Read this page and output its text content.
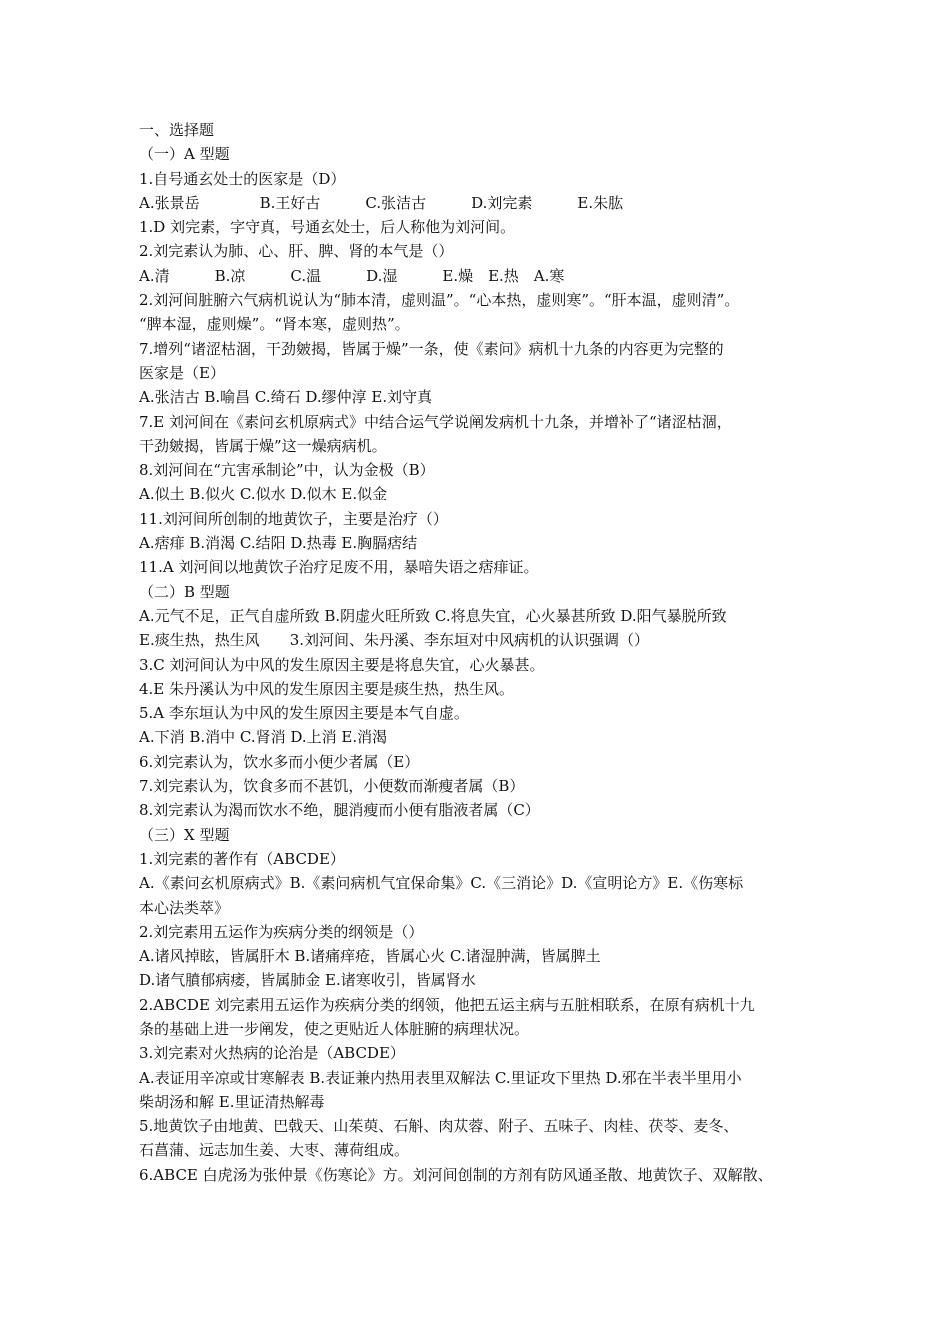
一、选择题
（一）A 型题
1.自号通玄处士的医家是（D）
A.张景岳　　　　B.王好古　　　C.张洁古　　　D.刘完素　　　E.朱肱
1.D 刘完素，字守真，号通玄处士，后人称他为刘河间。
2.刘完素认为肺、心、肝、脾、肾的本气是（）
A.清　　　B.凉　　　C.温　　　D.湿　　　E.燥　E.热　A.寒
2.刘河间脏腑六气病机说认为“肺本清，虚则温”。“心本热，虚则寒”。“肝本温，虚则清”。
“脾本湿，虚则燥”。“肾本寒，虚则热”。
7.增列“诸涩枯涸，干劲皴揭，皆属于燥”一条，使《素问》病机十九条的内容更为完整的
医家是（E）
A.张洁古 B.喻昌 C.绮石 D.缪仲淳 E.刘守真
7.E 刘河间在《素问玄机原病式》中结合运气学说阐发病机十九条，并增补了“诸涩枯涸，
干劲皴揭，皆属于燥”这一燥病病机。
8.刘河间在“亢害承制论”中，认为金极（B）
A.似土 B.似火 C.似水 D.似木 E.似金
11.刘河间所创制的地黄饮子，主要是治疗（）
A.痞痱 B.消渴 C.结阳 D.热毒 E.胸膈痞结
11.A 刘河间以地黄饮子治疗足废不用，暴喑失语之痞痱证。
（二）B 型题
A.元气不足，正气自虚所致 B.阴虚火旺所致 C.将息失宜，心火暴甚所致 D.阳气暴脱所致
E.痰生热，热生风　　3.刘河间、朱丹溪、李东垣对中风病机的认识强调（）
3.C 刘河间认为中风的发生原因主要是将息失宜，心火暴甚。
4.E 朱丹溪认为中风的发生原因主要是痰生热，热生风。
5.A 李东垣认为中风的发生原因主要是本气自虚。
A.下消 B.消中 C.肾消 D.上消 E.消渴
6.刘完素认为，饮水多而小便少者属（E）
7.刘完素认为，饮食多而不甚饥，小便数而渐瘦者属（B）
8.刘完素认为渴而饮水不绝，腿消瘦而小便有脂液者属（C）
（三）X 型题
1.刘完素的著作有（ABCDE）
A.《素问玄机原病式》B.《素问病机气宜保命集》C.《三消论》D.《宣明论方》E.《伤寒标
本心法类萃》
2.刘完素用五运作为疾病分类的纲领是（）
A.诸风掉眩，皆属肝木 B.诸痛痒疮，皆属心火 C.诸湿肿满，皆属脾土
D.诸气膹郁病痿，皆属肺金 E.诸寒收引，皆属肾水
2.ABCDE 刘完素用五运作为疾病分类的纲领，他把五运主病与五脏相联系，在原有病机十九
条的基础上进一步阐发，使之更贴近人体脏腑的病理状况。
3.刘完素对火热病的论治是（ABCDE）
A.表证用辛凉或甘寒解表 B.表证兼内热用表里双解法 C.里证攻下里热 D.邪在半表半里用小
柴胡汤和解 E.里证清热解毒
5.地黄饮子由地黄、巴戟天、山茱萸、石斛、肉苁蓉、附子、五味子、肉桂、茯苓、麦冬、
石菖蒲、远志加生姜、大枣、薄荷组成。
6.ABCE 白虎汤为张仲景《伤寒论》方。刘河间创制的方剂有防风通圣散、地黄饮子、双解散、
